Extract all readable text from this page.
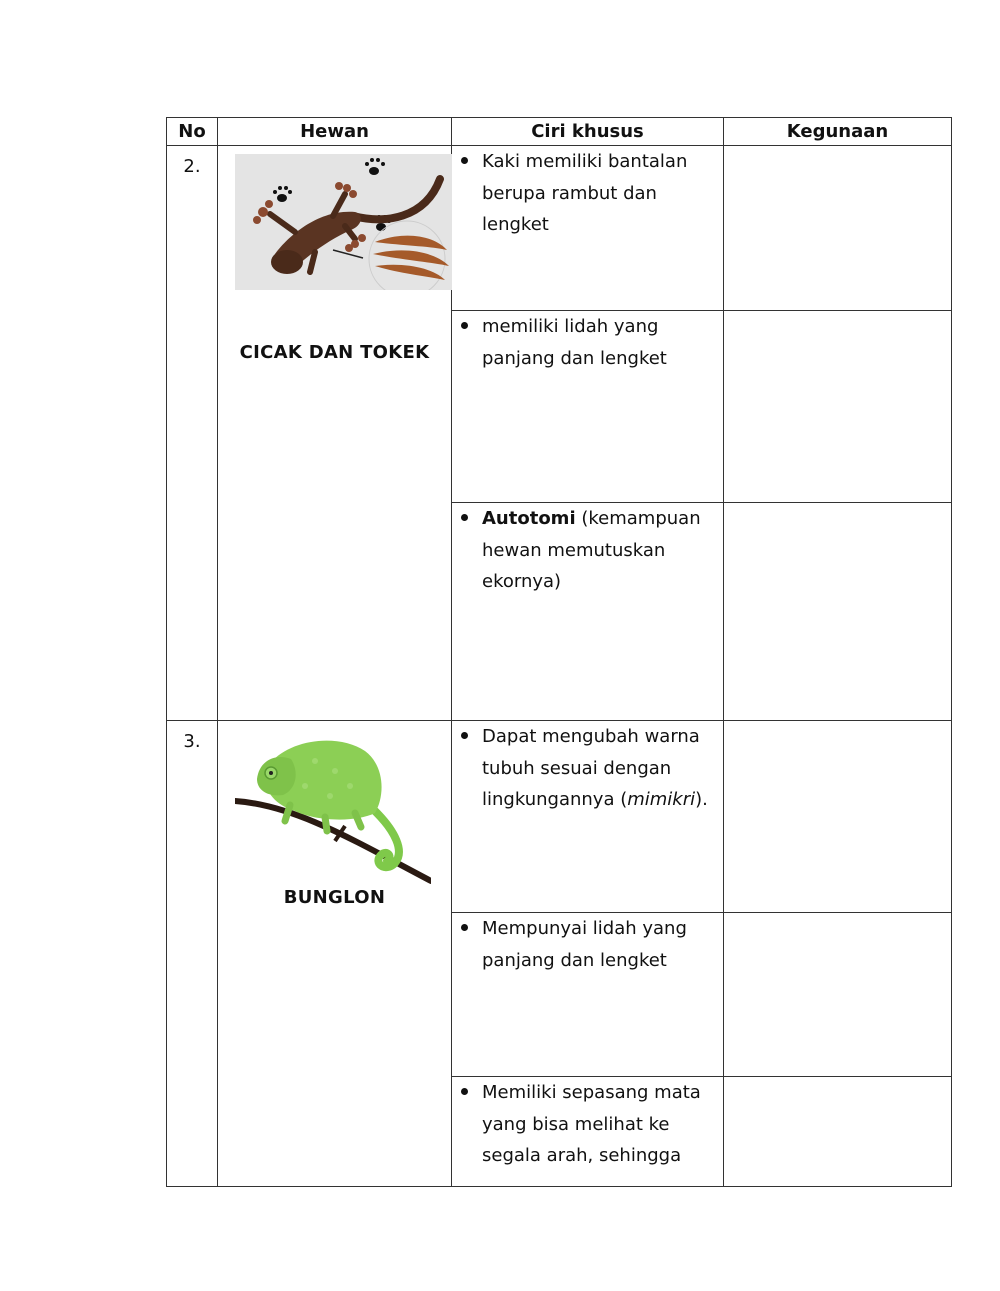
No	Hewan	Ciri khusus	Kegunaan

2.	CICAK DAN TOKEK	Kaki memiliki bantalan berupa rambut dan lengket	

		memiliki lidah yang panjang dan lengket	

		Autotomi (kemampuan hewan memutuskan ekornya)	

3.	BUNGLON	Dapat mengubah warna tubuh sesuai dengan lingkungannya (mimikri).	

		Mempunyai lidah yang panjang dan lengket	

		Memiliki sepasang mata yang bisa melihat ke segala arah, sehingga	
